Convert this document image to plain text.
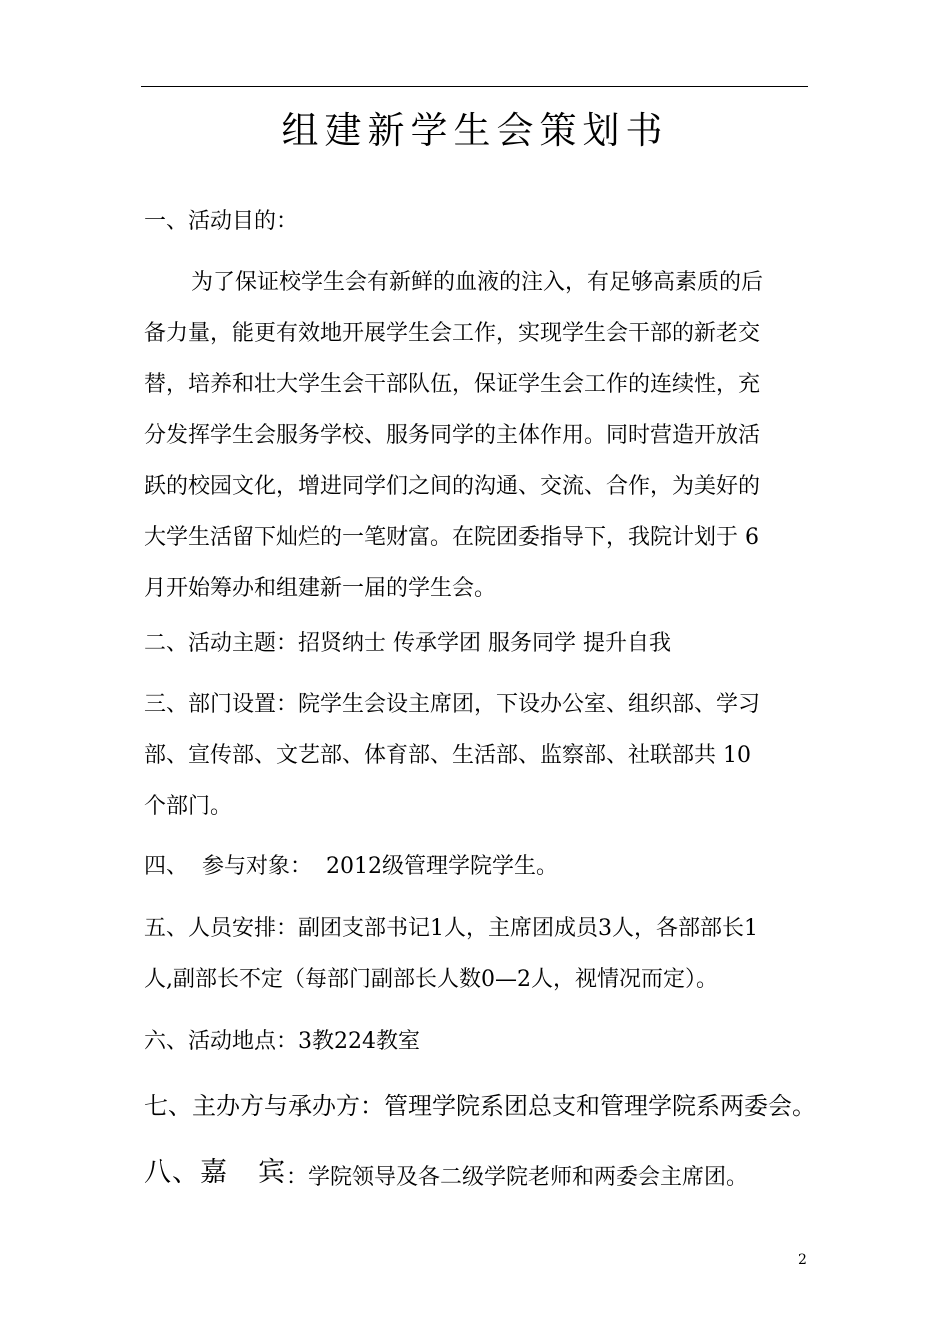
组建新学生会策划书

一、活动目的：

为了保证校学生会有新鲜的血液的注入，有足够高素质的后
备力量，能更有效地开展学生会工作，实现学生会干部的新老交
替，培养和壮大学生会干部队伍，保证学生会工作的连续性，充
分发挥学生会服务学校、服务同学的主体作用。同时营造开放活
跃的校园文化，增进同学们之间的沟通、交流、合作，为美好的
大学生活留下灿烂的一笔财富。在院团委指导下，我院计划于 6
月开始筹办和组建新一届的学生会。

二、活动主题：招贤纳士 传承学团 服务同学 提升自我

三、部门设置：院学生会设主席团，下设办公室、组织部、学习
部、宣传部、文艺部、体育部、生活部、监察部、社联部共 10
个部门。

四、  参与对象：  2012级管理学院学生。

五、人员安排：副团支部书记1人，主席团成员3人，各部部长1
人,副部长不定（每部门副部长人数0—2人，视情况而定）。

六、活动地点：3教224教室

七、主办方与承办方：管理学院系团总支和管理学院系两委会。

八、嘉 宾：学院领导及各二级学院老师和两委会主席团。

2
